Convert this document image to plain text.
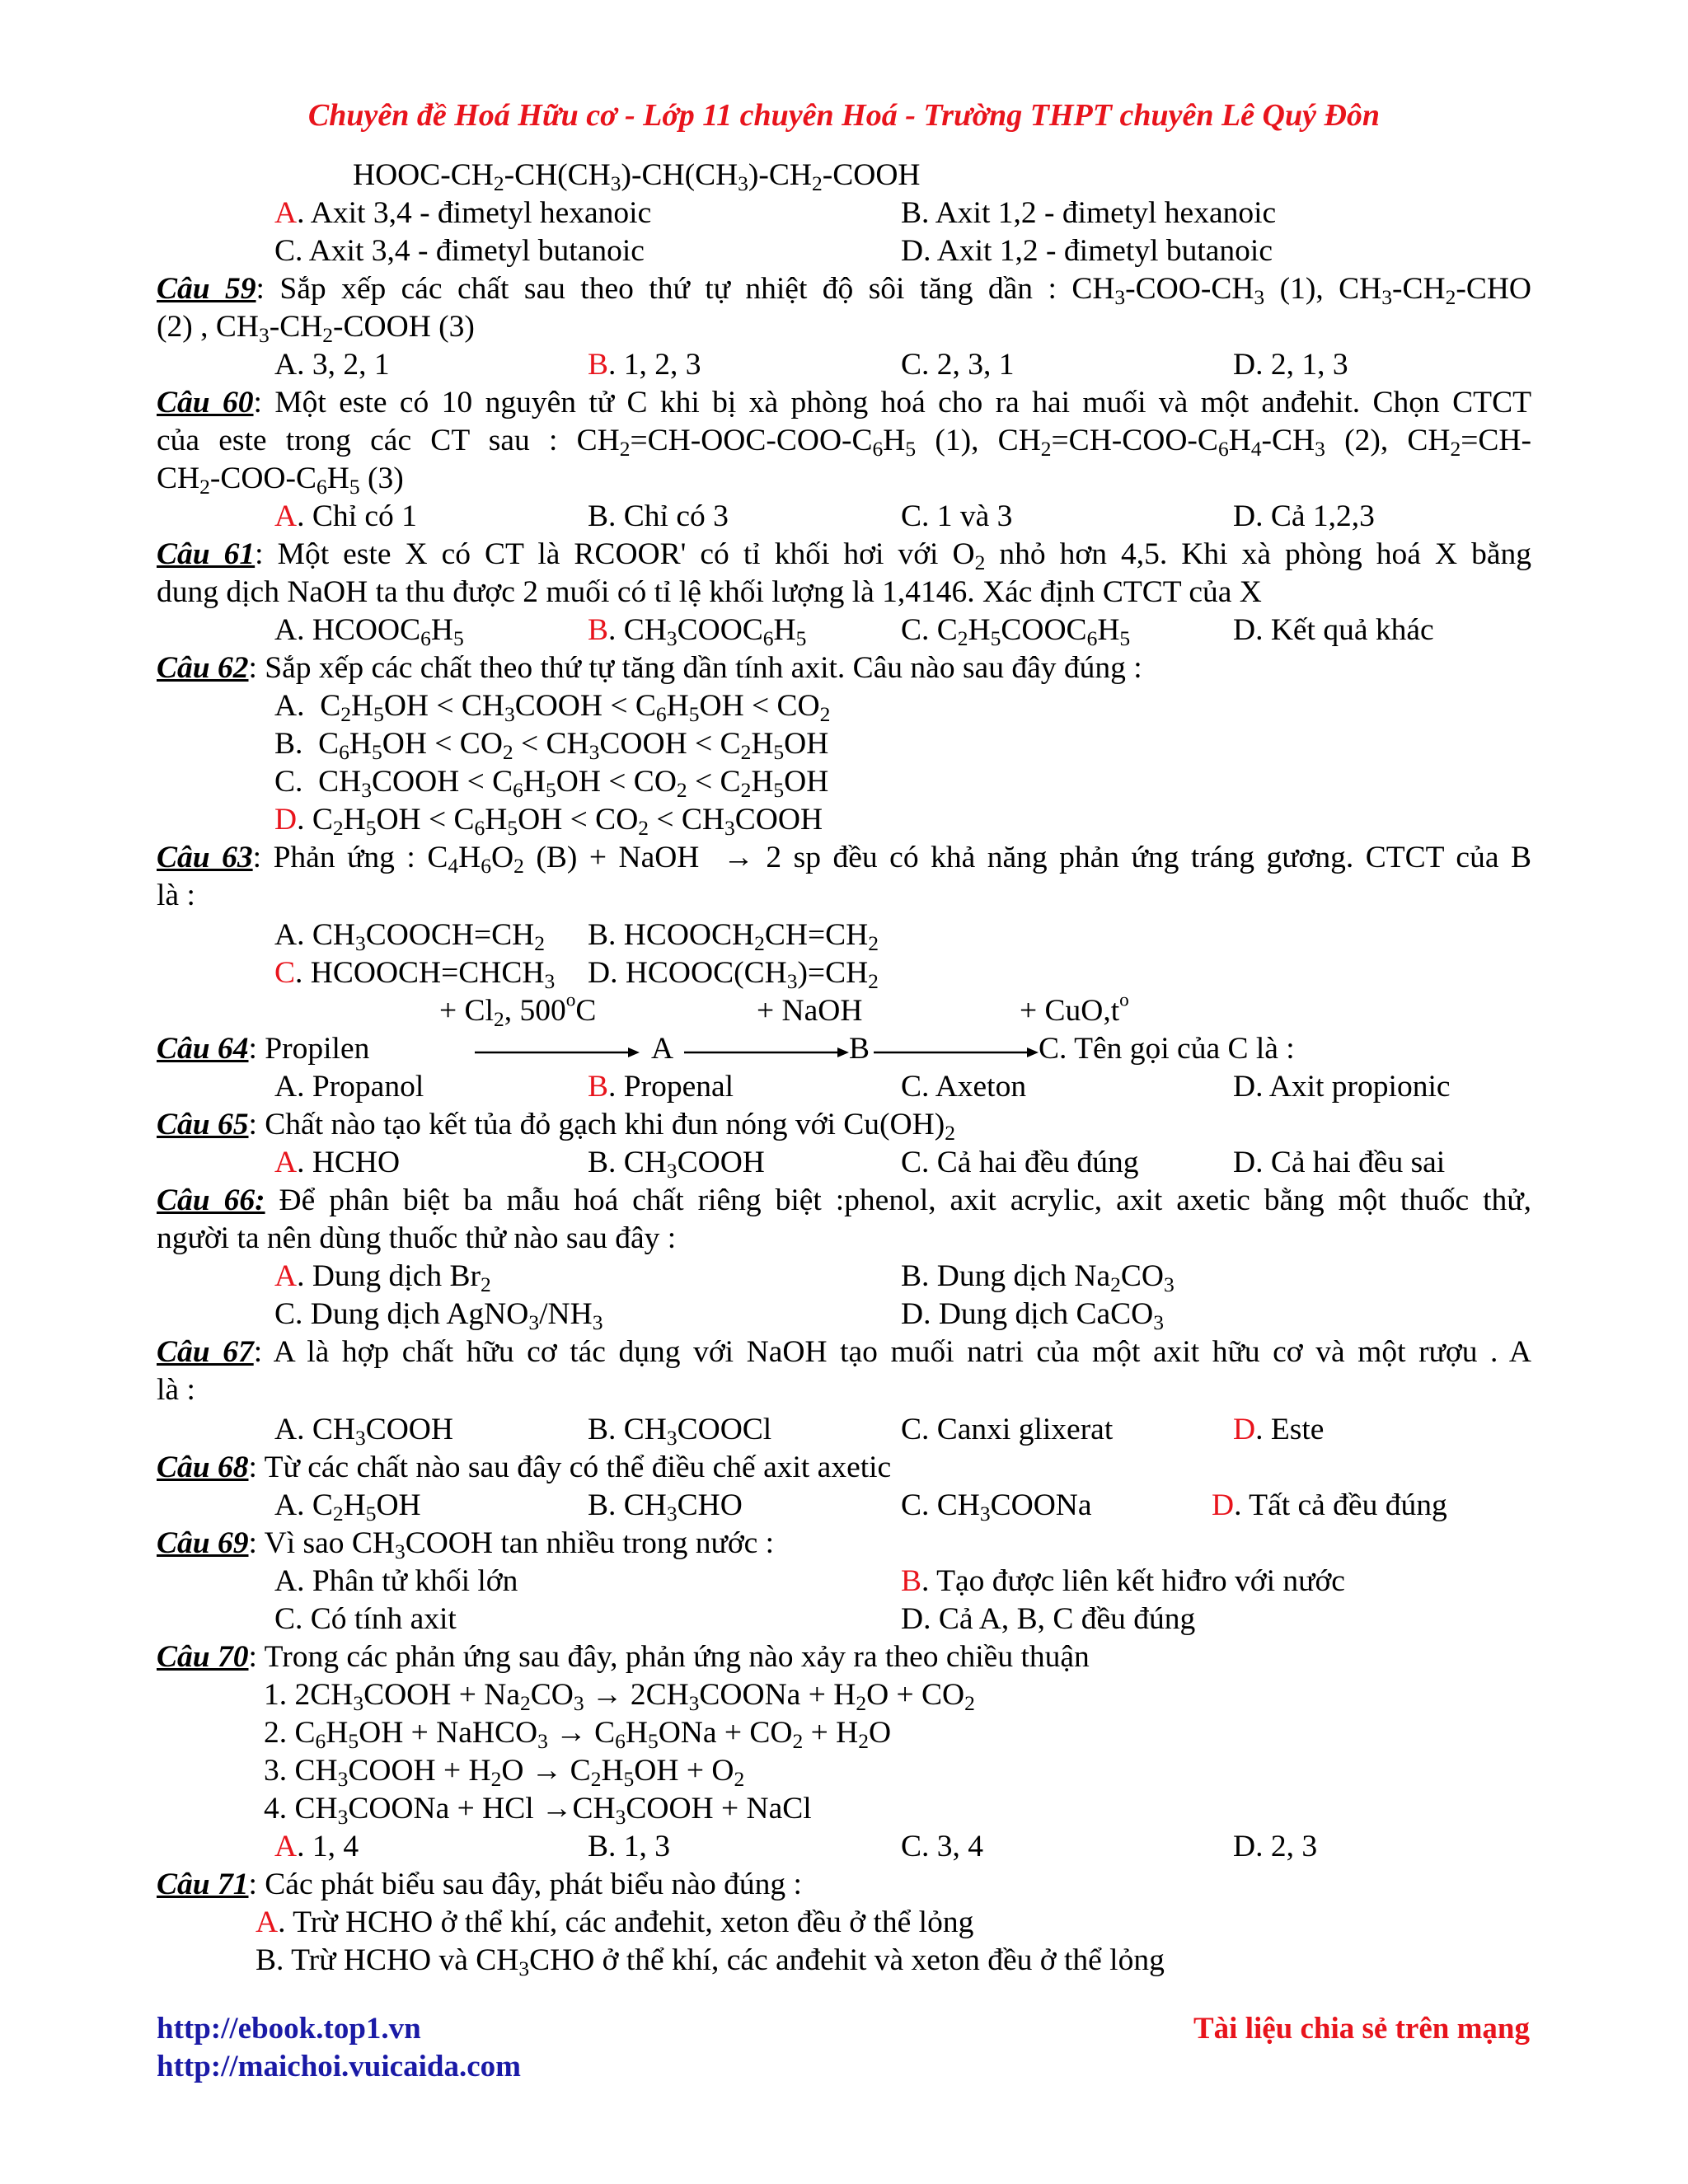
Chuyên đề Hoá Hữu cơ - Lớp 11 chuyên Hoá - Trường THPT chuyên Lê Quý Đôn
HOOC-$CH_2-CH(CH_3)-CH(CH_3)-CH_2$-COOH
A. Axit 3,4 - đimetyl hexanoic	B. Axit 1,2 - đimetyl hexanoic
C. Axit 3,4 - đimetyl butanoic	D. Axit 1,2 - đimetyl butanoic
Câu 59: Sắp xếp các chất sau theo thứ tự nhiệt độ sôi tăng dần : $CH_3-COO-CH_3$ (1), $CH_3-CH_2$-CHO
(2) , $CH_3-CH_2$-COOH (3)
A. 3, 2, 1	B. 1, 2, 3	C. 2, 3, 1	D. 2, 1, 3
Câu 60: Một este có 10 nguyên tử C khi bị xà phòng hoá cho ra hai muối và một anđehit. Chọn CTCT
của este trong các CT sau : $CH_2=CH-OOC-COO-C_6H_5$ (1), $CH_2=CH-COO-C_6H_4-CH_3$ (2), $CH_2=CH-$
$CH_2-COO-C_6H_5$ (3)
A. Chỉ có 1	B. Chỉ có 3	C. 1 và 3	D. Cả 1,2,3
Câu 61: Một este X có CT là RCOOR' có tỉ khối hơi với $O_2$ nhỏ hơn 4,5. Khi xà phòng hoá X bằng
dung dịch NaOH ta thu được 2 muối có tỉ lệ khối lượng là 1,4146. Xác định CTCT của X
A. $HCOOC_6H_5$	B. $CH_3COOC_6H_5$	C. $C_2H_5COOC_6H_5$	D. Kết quả khác
Câu 62: Sắp xếp các chất theo thứ tự tăng dần tính axit. Câu nào sau đây đúng :
A.  $C_2H_5OH$ < $CH_3COOH < C_6H_5OH < CO_2$
B.  $C_6H_5OH < CO_2$ < $CH_3COOH < C_2H_5OH$
C.  $CH_3COOH < C_6H_5OH < CO_2 < C_2H_5OH$
D. $C_2H_5OH < C_6H_5OH < CO_2$ < $CH_3COOH$
Câu 63: Phản ứng : $C_4H_6O_2$ (B) + NaOH  → 2 sp đều có khả năng phản ứng tráng gương. CTCT của B
là :
A. $CH_3COOCH=CH_2$ B. $HCOOCH_2CH=CH_2$
C. $HCOOCH=CHCH_3$ D. $HCOOC(CH_3)=CH_2$
+ $Cl_2$, $500^oC$	+ NaOH	+ $CuO,t^o$
Câu 64: Propilen	A	B	C. Tên gọi của C là :
A. Propanol	B. Propenal	C. Axeton	D. Axit propionic
Câu 65: Chất nào tạo kết tủa đỏ gạch khi đun nóng với $Cu(OH)_2$
A. HCHO	B. $CH_3COOH$	C. Cả hai đều đúng	D. Cả hai đều sai
Câu 66: Để phân biệt ba mẫu hoá chất riêng biệt :phenol, axit acrylic, axit axetic bằng một thuốc thử,
người ta nên dùng thuốc thử nào sau đây :
A. Dung dịch $Br_2$	B. Dung dịch $Na_2CO_3$
C. Dung dịch $AgNO_3/NH_3$	D. Dung dịch CaCO$_3$
Câu 67: A là hợp chất hữu cơ tác dụng với NaOH tạo muối natri của một axit hữu cơ và một rượu . A
là :
A. $CH_3COOH$	B. $CH_3COOCl$	C. Canxi glixerat	D. Este
Câu 68: Từ các chất nào sau đây có thể điều chế axit axetic
A. $C_2H_5OH$	B. $CH_3CHO$	C. $CH_3COONa$	D. Tất cả đều đúng
Câu 69: Vì sao $CH_3COOH$ tan nhiều trong nước :
A. Phân tử khối lớn	B. Tạo được liên kết hiđro với nước
C. Có tính axit	D. Cả A, B, C đều đúng
Câu 70: Trong các phản ứng sau đây, phản ứng nào xảy ra theo chiều thuận
1. $2CH_3COOH + Na_2CO_3$ → $2CH_3COONa + H_2O + CO_2$
2. $C_6H_5OH$ + NaHCO$_3$ → $C_6H_5ONa + CO_2 + H_2O$
3. $CH_3COOH + H_2O \to C_2H_5OH + O_2$
4. $CH_3COONa$ + HCl $\to CH_3COOH$ + NaCl
A. 1, 4	B. 1, 3	C. 3, 4	D. 2, 3
Câu 71: Các phát biểu sau đây, phát biểu nào đúng :
A. Trừ HCHO ở thể khí, các anđehit, xeton đều ở thể lỏng
B. Trừ HCHO và $CH_3CHO$ ở thể khí, các anđehit và xeton đều ở thể lỏng
http://ebook.top1.vn
http://maichoi.vuicaida.com
Tài liệu chia sẻ trên mạng
